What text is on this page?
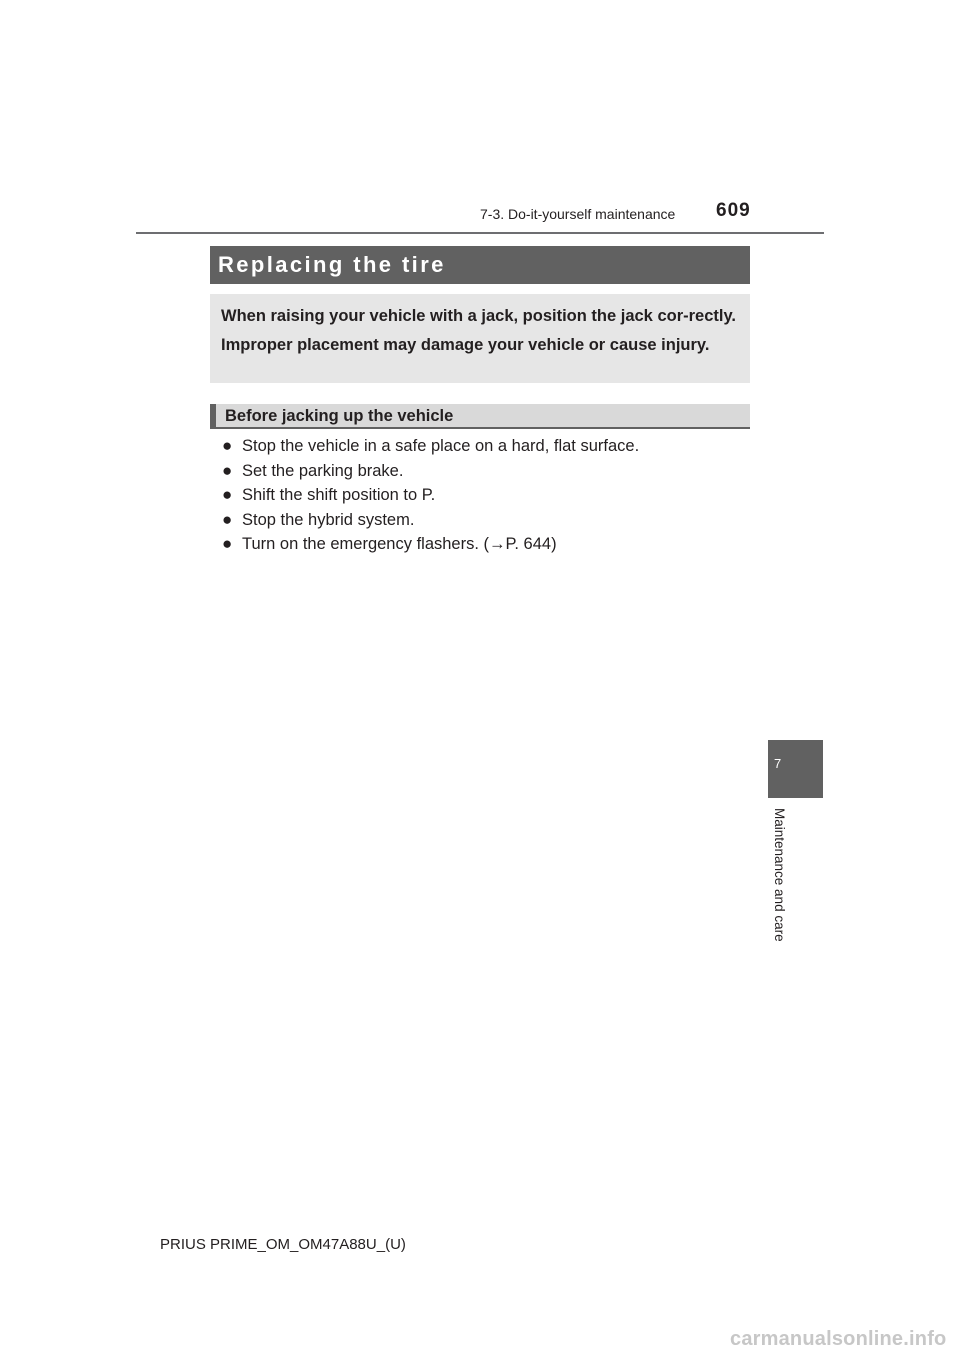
7-3. Do-it-yourself maintenance 609
Replacing the tire

When raising your vehicle with a jack, position the jack cor-rectly.

Improper placement may damage your vehicle or cause injury.

Before jacking up the vehicle
● Stop the vehicle in a safe place on a hard, flat surface.
● Set the parking brake.
● Shift the shift position to P.
● Stop the hybrid system.
● Turn on the emergency flashers. (→P. 644)
7
Maintenance and care
PRIUS PRIME_OM_OM47A88U_(U)
carmanualsonline.info
